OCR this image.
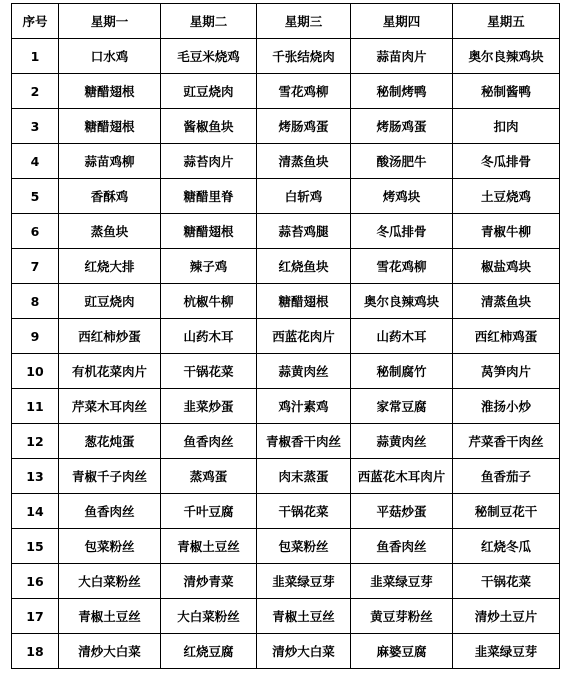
序号	星期一	星期二	星期三	星期四	星期五
1	口水鸡	毛豆米烧鸡	千张结烧肉	蒜苗肉片	奥尔良辣鸡块
2	糖醋翅根	豇豆烧肉	雪花鸡柳	秘制烤鸭	秘制酱鸭
3	糖醋翅根	酱椒鱼块	烤肠鸡蛋	烤肠鸡蛋	扣肉
4	蒜苗鸡柳	蒜苔肉片	清蒸鱼块	酸汤肥牛	冬瓜排骨
5	香酥鸡	糖醋里脊	白斩鸡	烤鸡块	土豆烧鸡
6	蒸鱼块	糖醋翅根	蒜苔鸡腿	冬瓜排骨	青椒牛柳
7	红烧大排	辣子鸡	红烧鱼块	雪花鸡柳	椒盐鸡块
8	豇豆烧肉	杭椒牛柳	糖醋翅根	奥尔良辣鸡块	清蒸鱼块
9	西红柿炒蛋	山药木耳	西蓝花肉片	山药木耳	西红柿鸡蛋
10	有机花菜肉片	干锅花菜	蒜黄肉丝	秘制腐竹	莴笋肉片
11	芹菜木耳肉丝	韭菜炒蛋	鸡汁素鸡	家常豆腐	淮扬小炒
12	葱花炖蛋	鱼香肉丝	青椒香干肉丝	蒜黄肉丝	芹菜香干肉丝
13	青椒千子肉丝	蒸鸡蛋	肉末蒸蛋	西蓝花木耳肉片	鱼香茄子
14	鱼香肉丝	千叶豆腐	干锅花菜	平菇炒蛋	秘制豆花干
15	包菜粉丝	青椒土豆丝	包菜粉丝	鱼香肉丝	红烧冬瓜
16	大白菜粉丝	清炒青菜	韭菜绿豆芽	韭菜绿豆芽	干锅花菜
17	青椒土豆丝	大白菜粉丝	青椒土豆丝	黄豆芽粉丝	清炒土豆片
18	清炒大白菜	红烧豆腐	清炒大白菜	麻婆豆腐	韭菜绿豆芽
